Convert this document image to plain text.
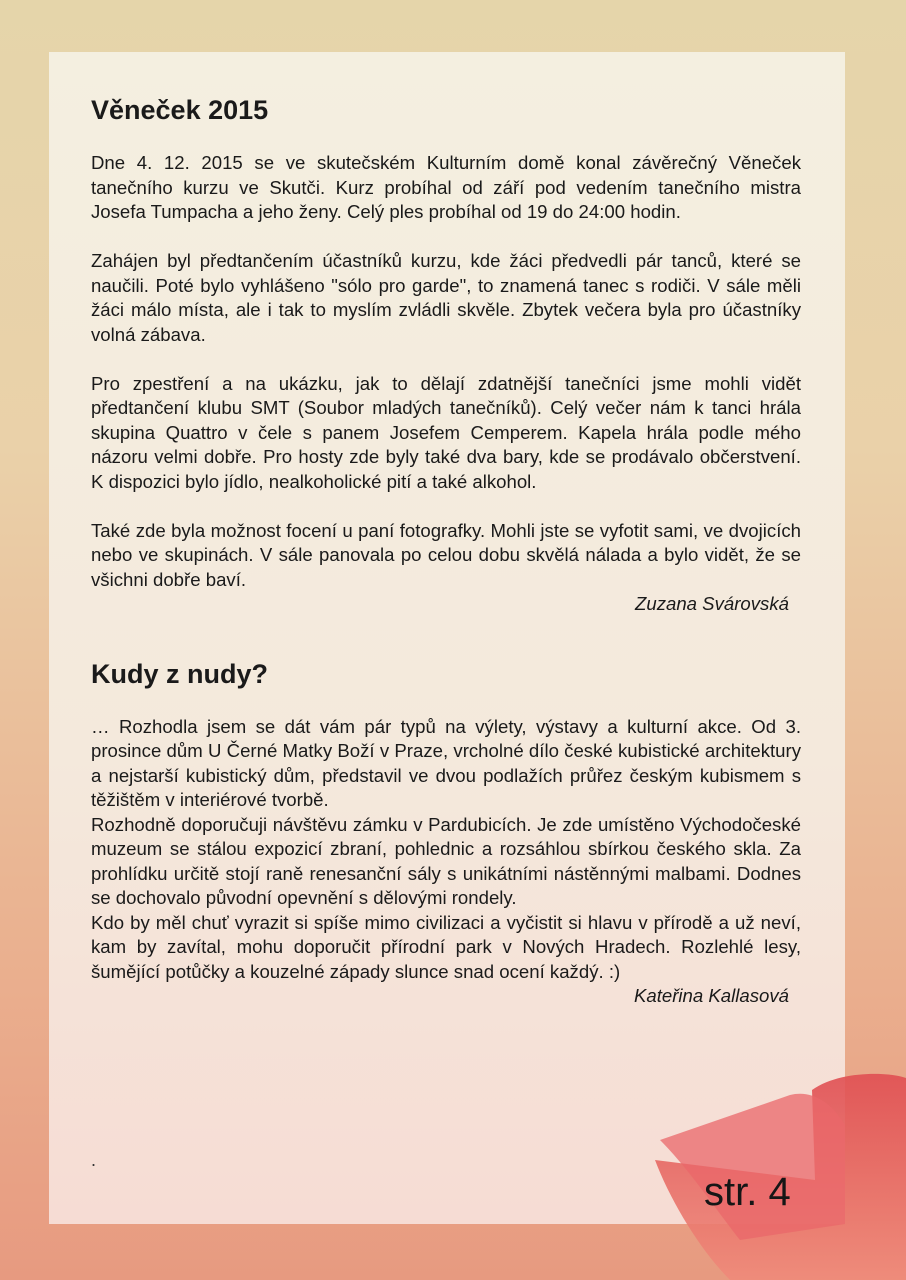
Věneček 2015

Dne 4. 12. 2015 se ve skutečském Kulturním domě konal závěrečný Věneček tanečního kurzu ve Skutči. Kurz probíhal od září pod vedením tanečního mistra Josefa Tumpacha a jeho ženy. Celý ples probíhal od 19 do 24:00 hodin.

Zahájen byl předtančením účastníků kurzu, kde žáci předvedli pár tanců, které se naučili. Poté bylo vyhlášeno "sólo pro garde", to znamená tanec s rodiči. V sále měli žáci málo místa, ale i tak to myslím zvládli skvěle. Zbytek večera byla pro účastníky volná zábava.

Pro zpestření a na ukázku, jak to dělají zdatnější tanečníci jsme mohli vidět předtančení klubu SMT (Soubor mladých tanečníků). Celý večer nám k tanci hrála skupina Quattro v čele s panem Josefem Cemperem. Kapela hrála podle mého názoru velmi dobře. Pro hosty zde byly také dva bary, kde se prodávalo občerstvení. K dispozici bylo jídlo, nealkoholické pití a také alkohol.

Také zde byla možnost focení u paní fotografky. Mohli jste se vyfotit sami, ve dvojicích nebo ve skupinách. V sále panovala po celou dobu skvělá nálada a bylo vidět, že se všichni dobře baví.

Zuzana Svárovská
Kudy z nudy?

… Rozhodla jsem se dát vám pár typů na výlety, výstavy a kulturní akce. Od 3. prosince dům U Černé Matky Boží v Praze, vrcholné dílo české kubistické architektury a nejstarší kubistický dům, představil ve dvou podlažích průřez českým kubismem s těžištěm v interiérové tvorbě.

Rozhodně doporučuji návštěvu zámku v Pardubicích. Je zde umístěno Východočeské muzeum se stálou expozicí zbraní, pohlednic a rozsáhlou sbírkou českého skla. Za prohlídku určitě stojí raně renesanční sály s unikátními nástěnnými malbami. Dodnes se dochovalo původní opevnění s dělovými rondely.

Kdo by měl chuť vyrazit si spíše mimo civilizaci a vyčistit si hlavu v přírodě a už neví, kam by zavítal, mohu doporučit přírodní park v Nových Hradech. Rozlehlé lesy, šumějící potůčky a kouzelné západy slunce snad ocení každý. :)

Kateřina Kallasová
.
str. 4
